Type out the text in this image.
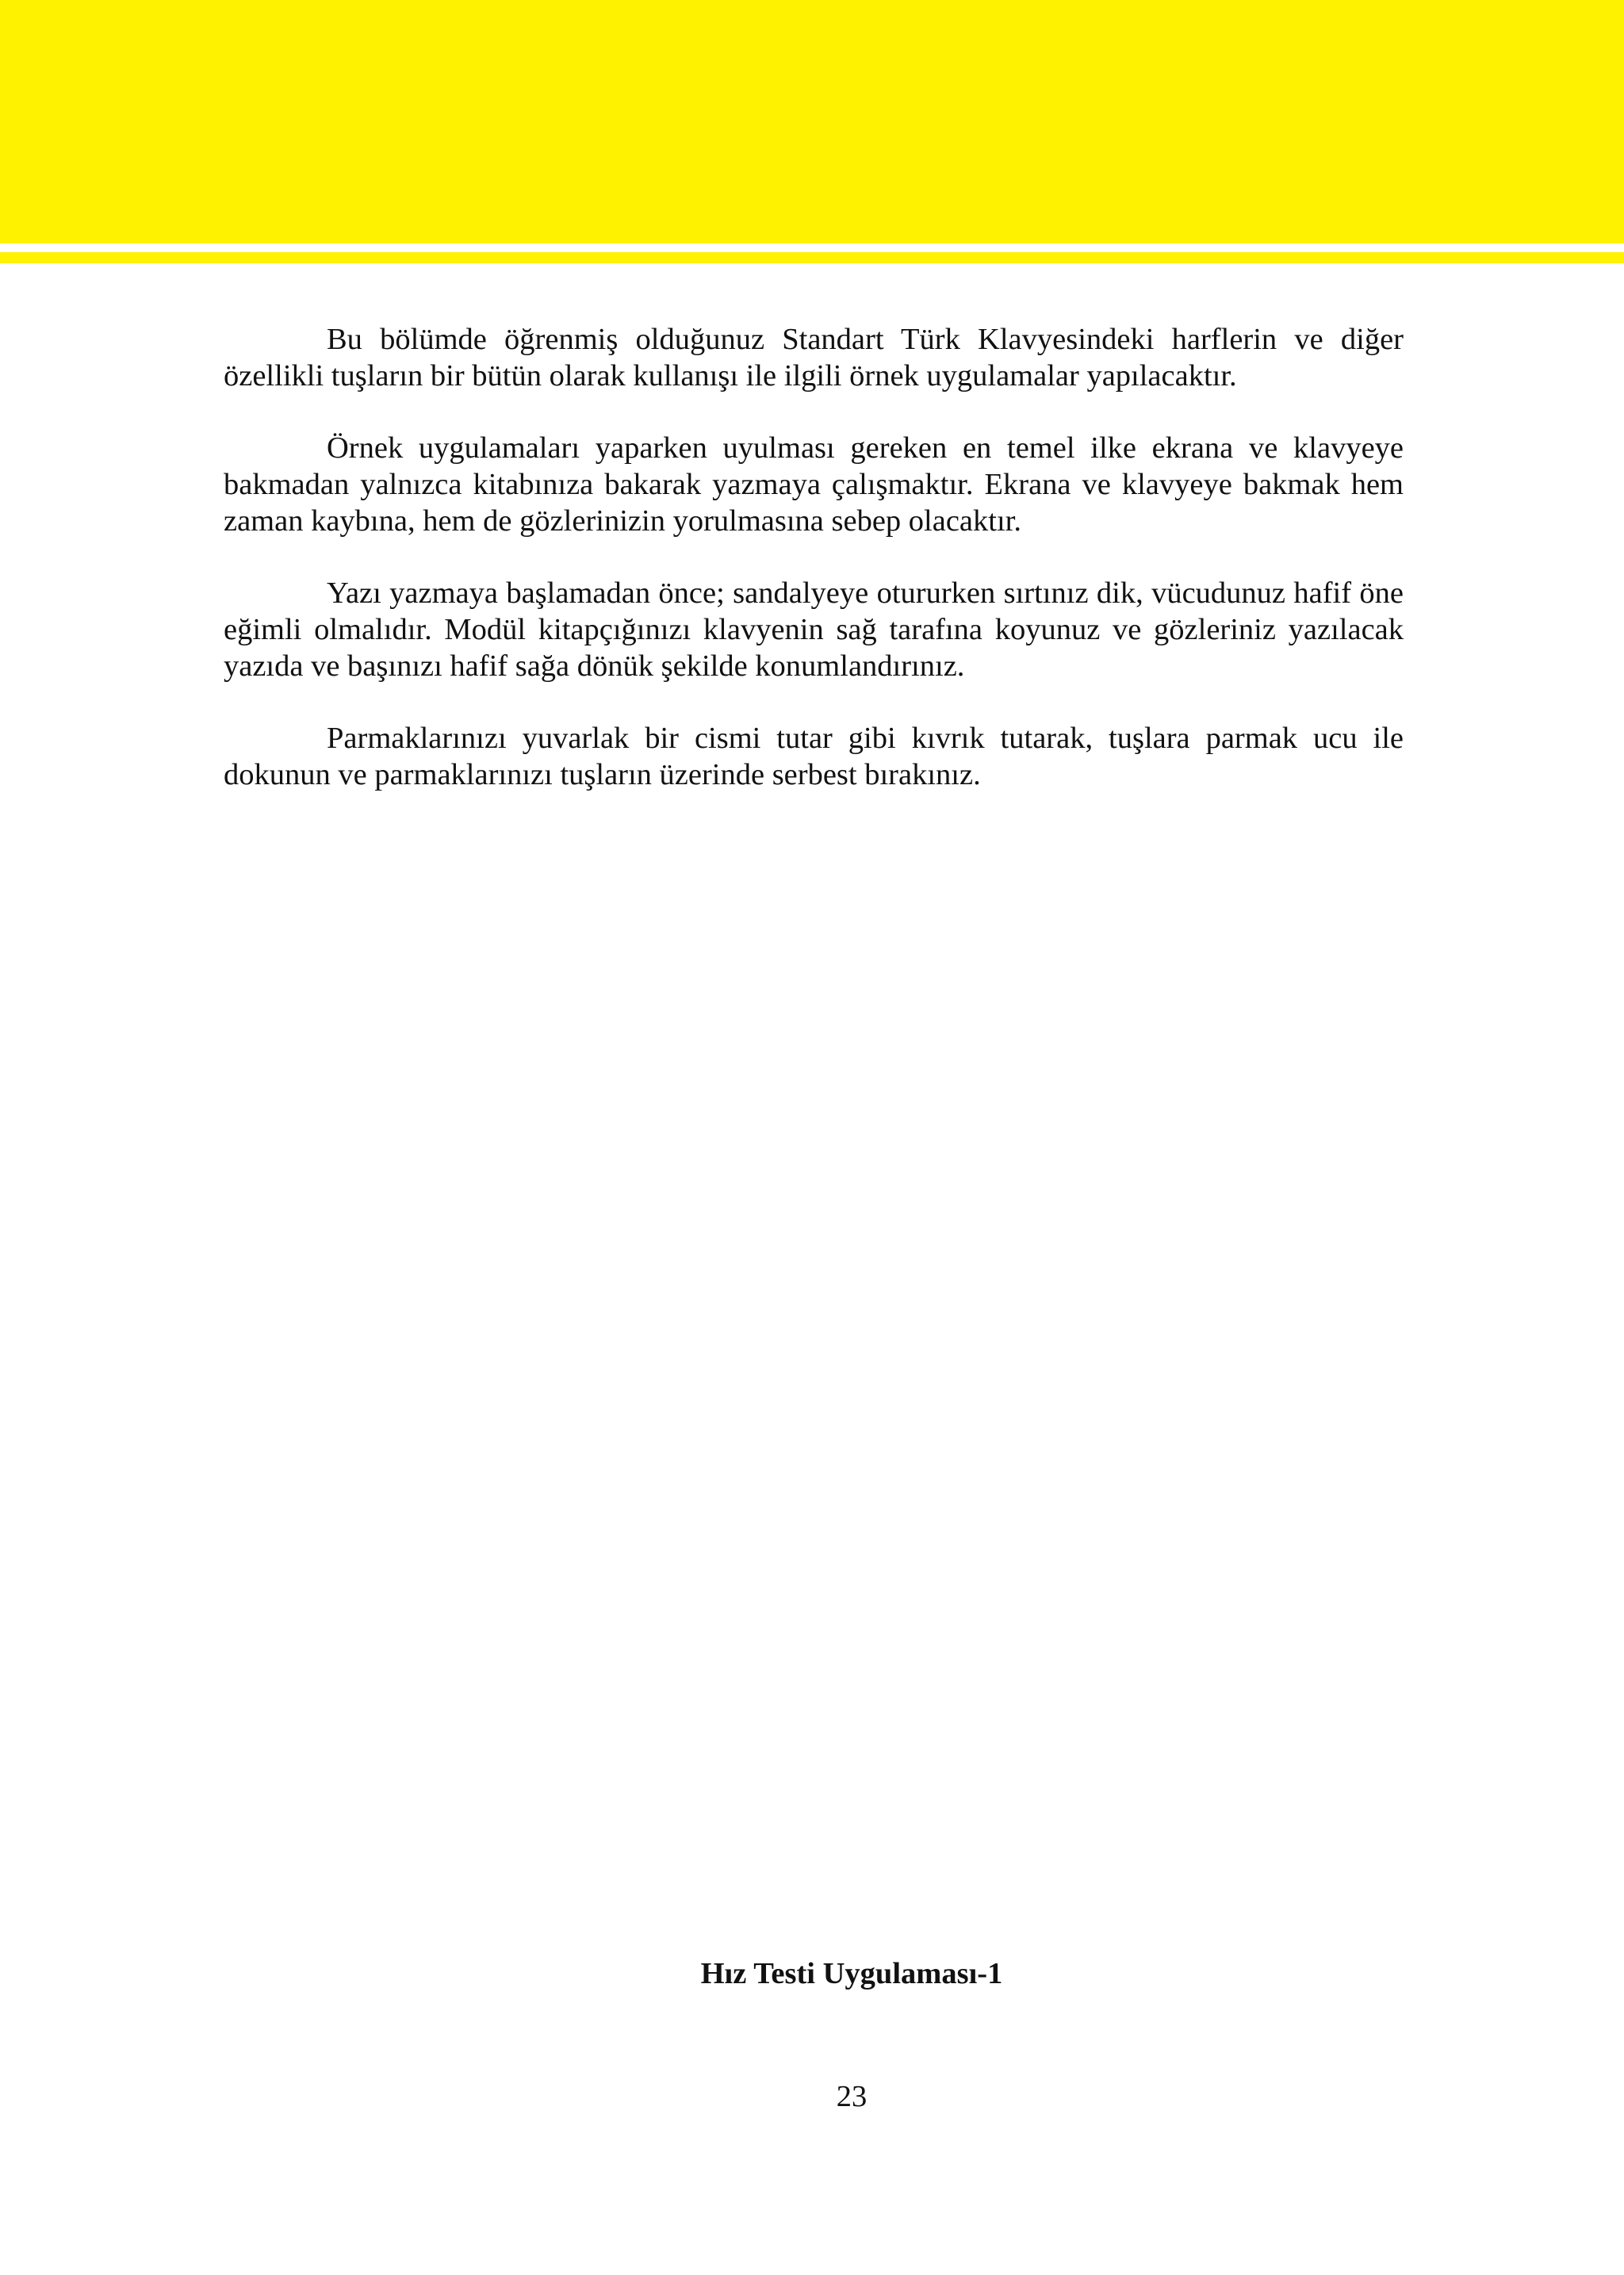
Bu bölümde öğrenmiş olduğunuz Standart Türk Klavyesindeki harflerin ve diğer özellikli tuşların bir bütün olarak kullanışı ile ilgili örnek uygulamalar yapılacaktır.

Örnek uygulamaları yaparken uyulması gereken en temel ilke ekrana ve klavyeye bakmadan yalnızca kitabınıza bakarak yazmaya çalışmaktır. Ekrana ve klavyeye bakmak hem zaman kaybına, hem de gözlerinizin yorulmasına sebep olacaktır.

Yazı yazmaya başlamadan önce; sandalyeye otururken sırtınız dik, vücudunuz hafif öne eğimli olmalıdır. Modül kitapçığınızı klavyenin sağ tarafına koyunuz ve gözleriniz yazılacak yazıda ve başınızı hafif sağa dönük şekilde konumlandırınız.

Parmaklarınızı yuvarlak bir cismi tutar gibi kıvrık tutarak, tuşlara parmak ucu ile dokunun ve parmaklarınızı tuşların üzerinde serbest bırakınız.

Hız Testi Uygulaması-1

23
